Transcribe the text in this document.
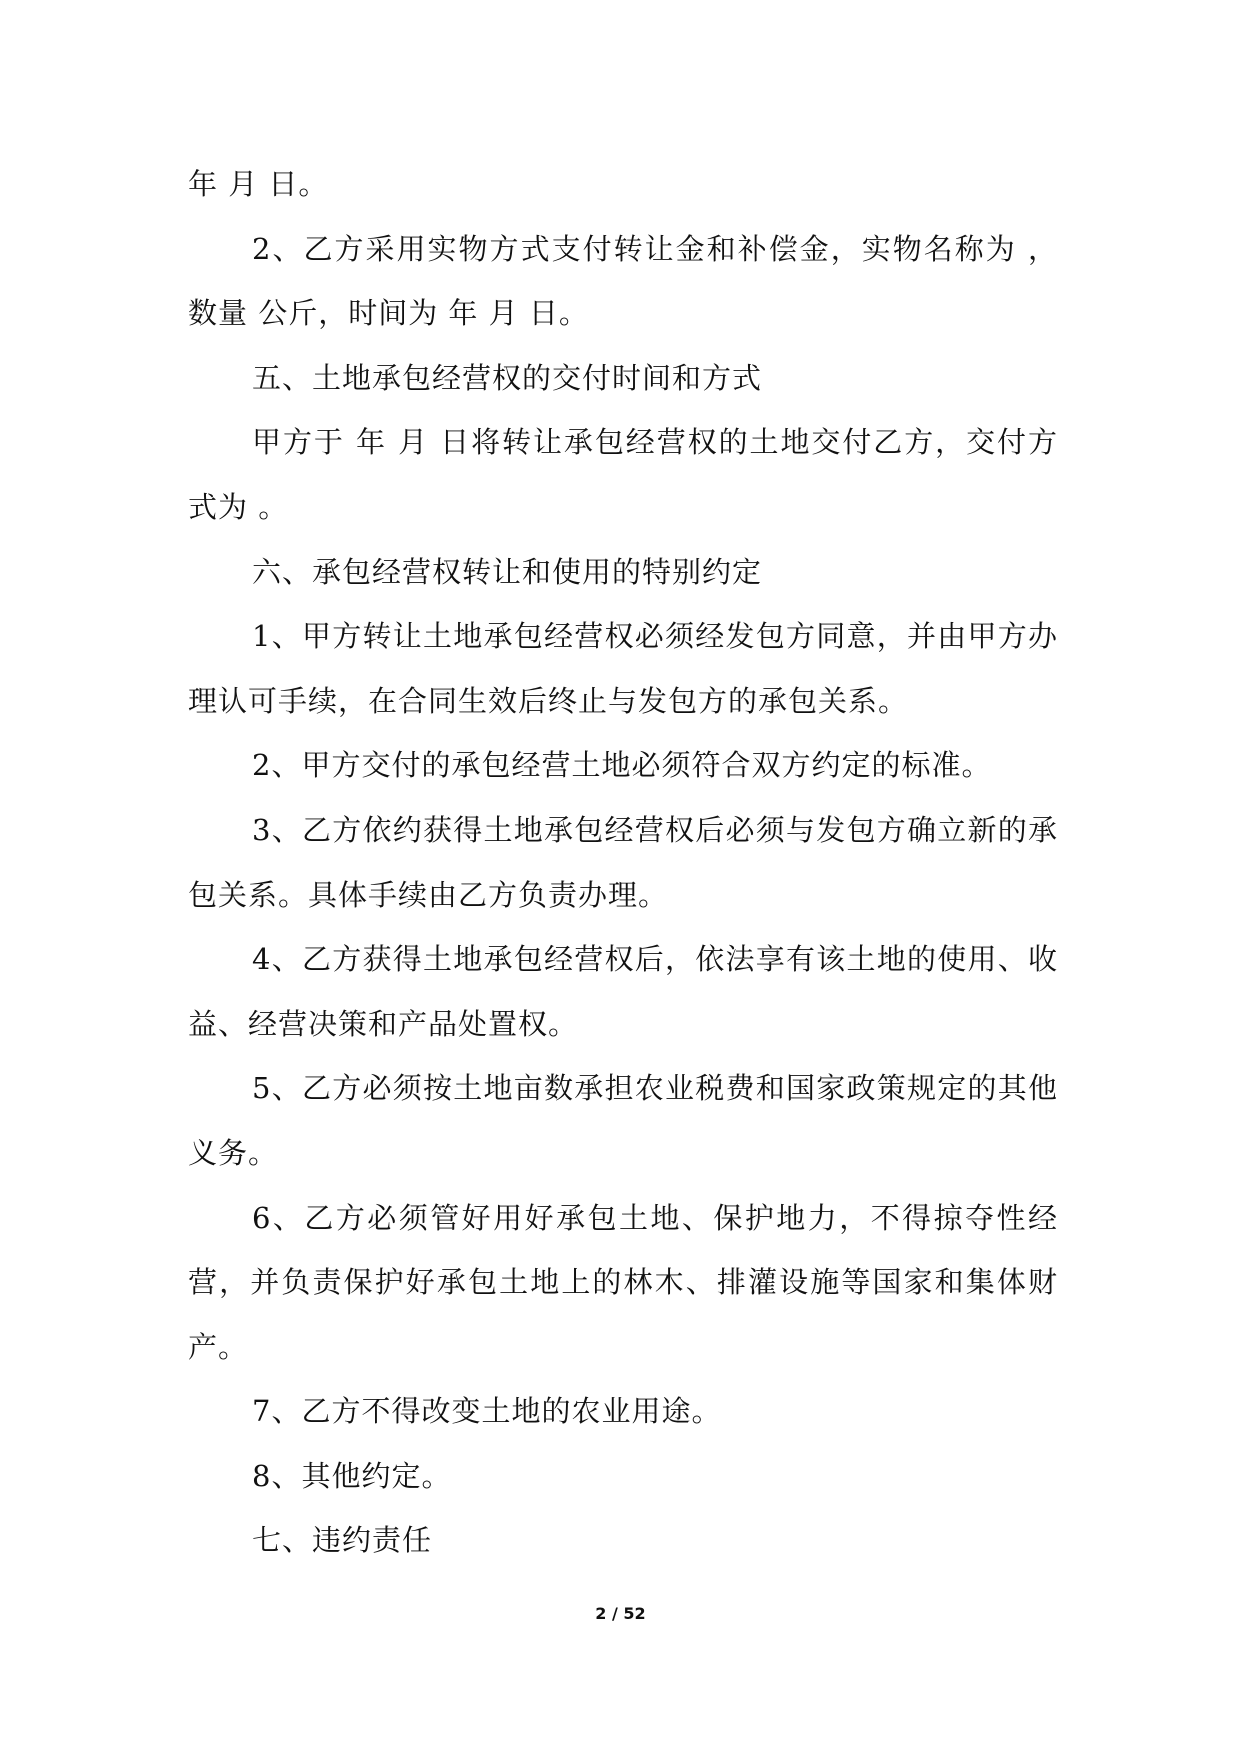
年 月 日。

2、乙方采用实物方式支付转让金和补偿金，实物名称为 ，数量 公斤，时间为 年 月 日。

五、土地承包经营权的交付时间和方式

甲方于 年 月 日将转让承包经营权的土地交付乙方，交付方式为 。

六、承包经营权转让和使用的特别约定

1、甲方转让土地承包经营权必须经发包方同意，并由甲方办理认可手续，在合同生效后终止与发包方的承包关系。

2、甲方交付的承包经营土地必须符合双方约定的标准。

3、乙方依约获得土地承包经营权后必须与发包方确立新的承包关系。具体手续由乙方负责办理。

4、乙方获得土地承包经营权后，依法享有该土地的使用、收益、经营决策和产品处置权。

5、乙方必须按土地亩数承担农业税费和国家政策规定的其他义务。

6、乙方必须管好用好承包土地、保护地力，不得掠夺性经营，并负责保护好承包土地上的林木、排灌设施等国家和集体财产。

7、乙方不得改变土地的农业用途。

8、其他约定。

七、违约责任

2 / 52
